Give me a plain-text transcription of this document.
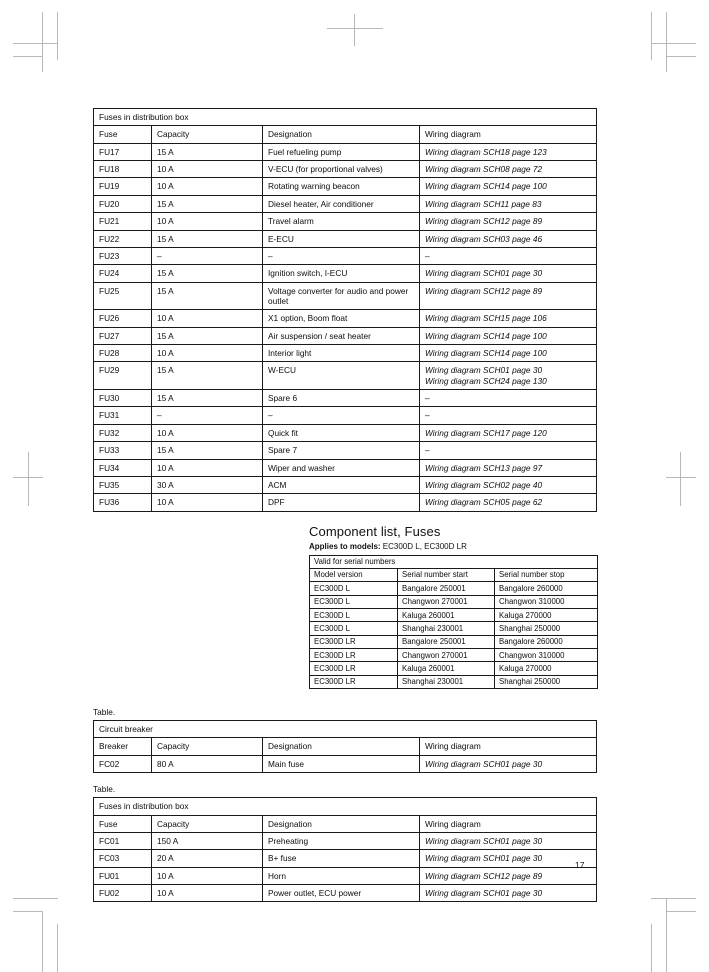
Fuses in distribution box			
Fuse	Capacity	Designation	Wiring diagram
FU17	15 A	Fuel refueling pump	Wiring diagram SCH18 page 123

FU18	10 A	V-ECU (for proportional valves)	Wiring diagram SCH08 page 72

FU19	10 A	Rotating warning beacon	Wiring diagram SCH14 page 100

FU20	15 A	Diesel heater, Air conditioner	Wiring diagram SCH11 page 83

FU21	10 A	Travel alarm	Wiring diagram SCH12 page 89

FU22	15 A	E-ECU	Wiring diagram SCH03 page 46

FU23	–	–	–
FU24	15 A	Ignition switch, I-ECU	Wiring diagram SCH01 page 30

FU25	15 A	Voltage converter for audio and power outlet	Wiring diagram SCH12 page 89

FU26	10 A	X1 option, Boom float	Wiring diagram SCH15 page 106

FU27	15 A	Air suspension / seat heater	Wiring diagram SCH14 page 100

FU28	10 A	Interior light	Wiring diagram SCH14 page 100

FU29	15 A	W-ECU	Wiring diagram SCH01 page 30
Wiring diagram SCH24 page 130

FU30	15 A	Spare 6	–
FU31	–	–	–
FU32	10 A	Quick fit	Wiring diagram SCH17 page 120

FU33	15 A	Spare 7	–
FU34	10 A	Wiper and washer	Wiring diagram SCH13 page 97

FU35	30 A	ACM	Wiring diagram SCH02 page 40

FU36	10 A	DPF	Wiring diagram SCH05 page 62
Component list, Fuses

Applies to models: EC300D L, EC300D LR

Valid for serial numbers		
Model version	Serial number start	Serial number stop
EC300D L	Bangalore 250001	Bangalore 260000
EC300D L	Changwon 270001	Changwon 310000
EC300D L	Kaluga 260001	Kaluga 270000
EC300D L	Shanghai 230001	Shanghai 250000
EC300D LR	Bangalore 250001	Bangalore 260000
EC300D LR	Changwon 270001	Changwon 310000
EC300D LR	Kaluga 260001	Kaluga 270000
EC300D LR	Shanghai 230001	Shanghai 250000

Table.

Circuit breaker			
Breaker	Capacity	Designation	Wiring diagram
FC02	80 A	Main fuse	Wiring diagram SCH01 page 30

Table.

Fuses in distribution box			
Fuse	Capacity	Designation	Wiring diagram
FC01	150 A	Preheating	Wiring diagram SCH01 page 30

FC03	20 A	B+ fuse	Wiring diagram SCH01 page 30

FU01	10 A	Horn	Wiring diagram SCH12 page 89

FU02	10 A	Power outlet, ECU power	Wiring diagram SCH01 page 30
17
